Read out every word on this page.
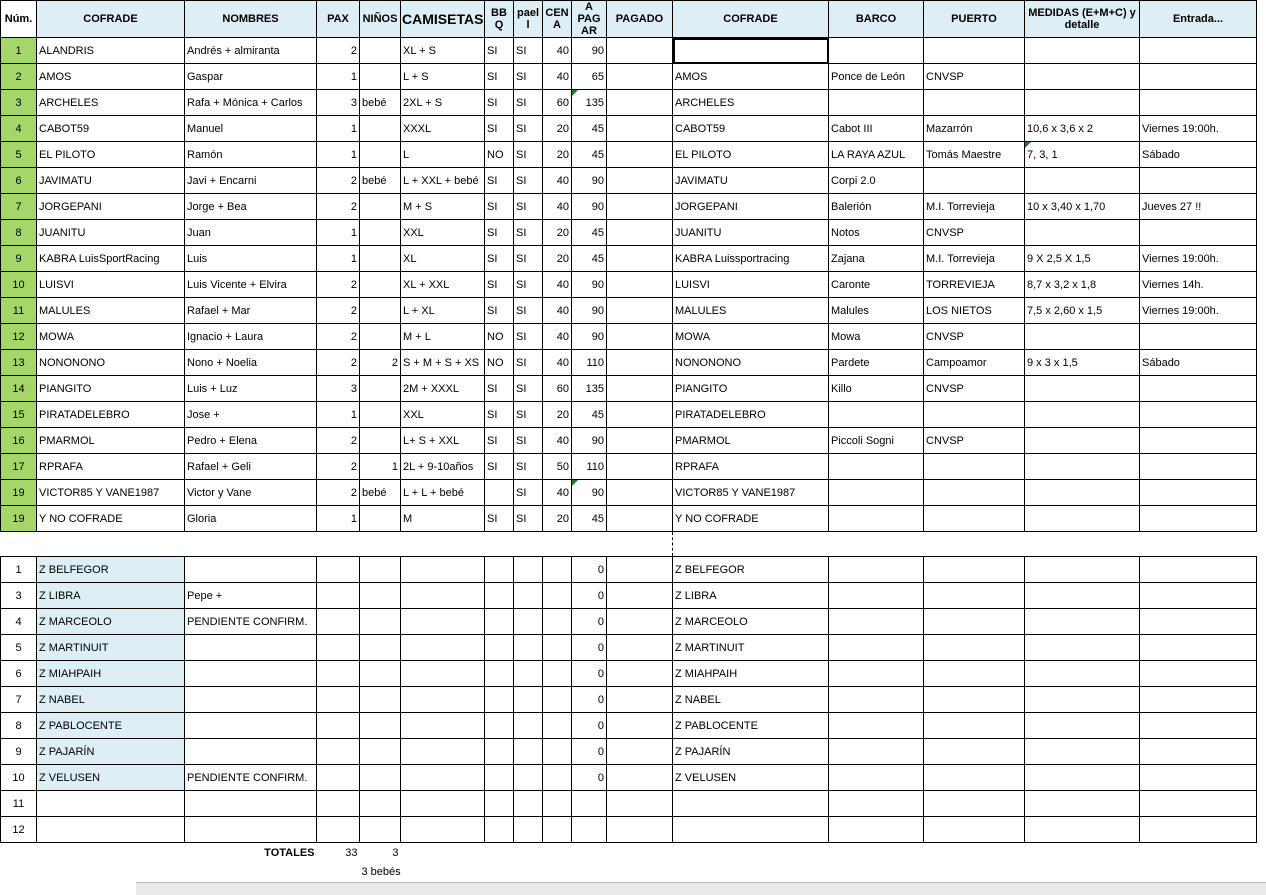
Núm.	COFRADE	NOMBRES	PAX	NIÑOS	CAMISETAS	BB Q	pael l	CEN A	A PAG AR	PAGADO	COFRADE	BARCO	PUERTO	MEDIDAS (E+M+C) y detalle	Entrada...
1	ALANDRIS	Andrés + almiranta	2		XL + S	SI	SI	40	90						
2	AMOS	Gaspar	1		L + S	SI	SI	40	65		AMOS	Ponce de León	CNVSP		
3	ARCHELES	Rafa + Mónica + Carlos	3	bebé	2XL + S	SI	SI	60	135		ARCHELES				
4	CABOT59	Manuel	1		XXXL	SI	SI	20	45		CABOT59	Cabot III	Mazarrón	10,6 x 3,6 x 2	Viernes 19:00h.
5	EL PILOTO	Ramón	1		L	NO	SI	20	45		EL PILOTO	LA RAYA AZUL	Tomás Maestre	7, 3, 1	Sábado
6	JAVIMATU	Javi + Encarni	2	bebé	L + XXL + bebé	SI	SI	40	90		JAVIMATU	Corpi 2.0			
7	JORGEPANI	Jorge + Bea	2		M + S	SI	SI	40	90		JORGEPANI	Balerión	M.I. Torrevieja	10 x 3,40 x 1,70	Jueves 27 !!
8	JUANITU	Juan	1		XXL	SI	SI	20	45		JUANITU	Notos	CNVSP		
9	KABRA LuisSportRacing	Luis	1		XL	SI	SI	20	45		KABRA Luissportracing	Zajana	M.I. Torrevieja	9 X 2,5 X 1,5	Viernes 19:00h.
10	LUISVI	Luis Vicente + Elvira	2		XL + XXL	SI	SI	40	90		LUISVI	Caronte	TORREVIEJA	8,7 x 3,2 x 1,8	Viernes 14h.
11	MALULES	Rafael + Mar	2		L + XL	SI	SI	40	90		MALULES	Malules	LOS NIETOS	7,5 x 2,60 x 1,5	Viernes 19:00h.
12	MOWA	Ignacio + Laura	2		M + L	NO	SI	40	90		MOWA	Mowa	CNVSP		
13	NONONONO	Nono + Noelia	2	2	S + M + S + XS	NO	SI	40	110		NONONONO	Pardete	Campoamor	9 x 3 x 1,5	Sábado
14	PIANGITO	Luis + Luz	3		2M + XXXL	SI	SI	60	135		PIANGITO	Killo	CNVSP		
15	PIRATADELEBRO	Jose +	1		XXL	SI	SI	20	45		PIRATADELEBRO				
16	PMARMOL	Pedro + Elena	2		L+ S + XXL	SI	SI	40	90		PMARMOL	Piccoli Sogni	CNVSP		
17	RPRAFA	Rafael + Geli	2	1	2L + 9-10años	SI	SI	50	110		RPRAFA				
19	VICTOR85 Y VANE1987	Victor y Vane	2	bebé	L + L + bebé		SI	40	90		VICTOR85 Y VANE1987				
19	Y NO COFRADE	Gloria	1		M	SI	SI	20	45		Y NO COFRADE				

1	Z BELFEGOR								0		Z BELFEGOR				
3	Z LIBRA	Pepe +							0		Z LIBRA				
4	Z MARCEOLO	PENDIENTE CONFIRM.							0		Z MARCEOLO				
5	Z MARTINUIT								0		Z MARTINUIT				
6	Z MIAHPAIH								0		Z MIAHPAIH				
7	Z NABEL								0		Z NABEL				
8	Z PABLOCENTE								0		Z PABLOCENTE				
9	Z PAJARÍN								0		Z PAJARÍN				
10	Z VELUSEN	PENDIENTE CONFIRM.							0		Z VELUSEN				
11															
12															
		TOTALES	33	3											
				3 bebés											
